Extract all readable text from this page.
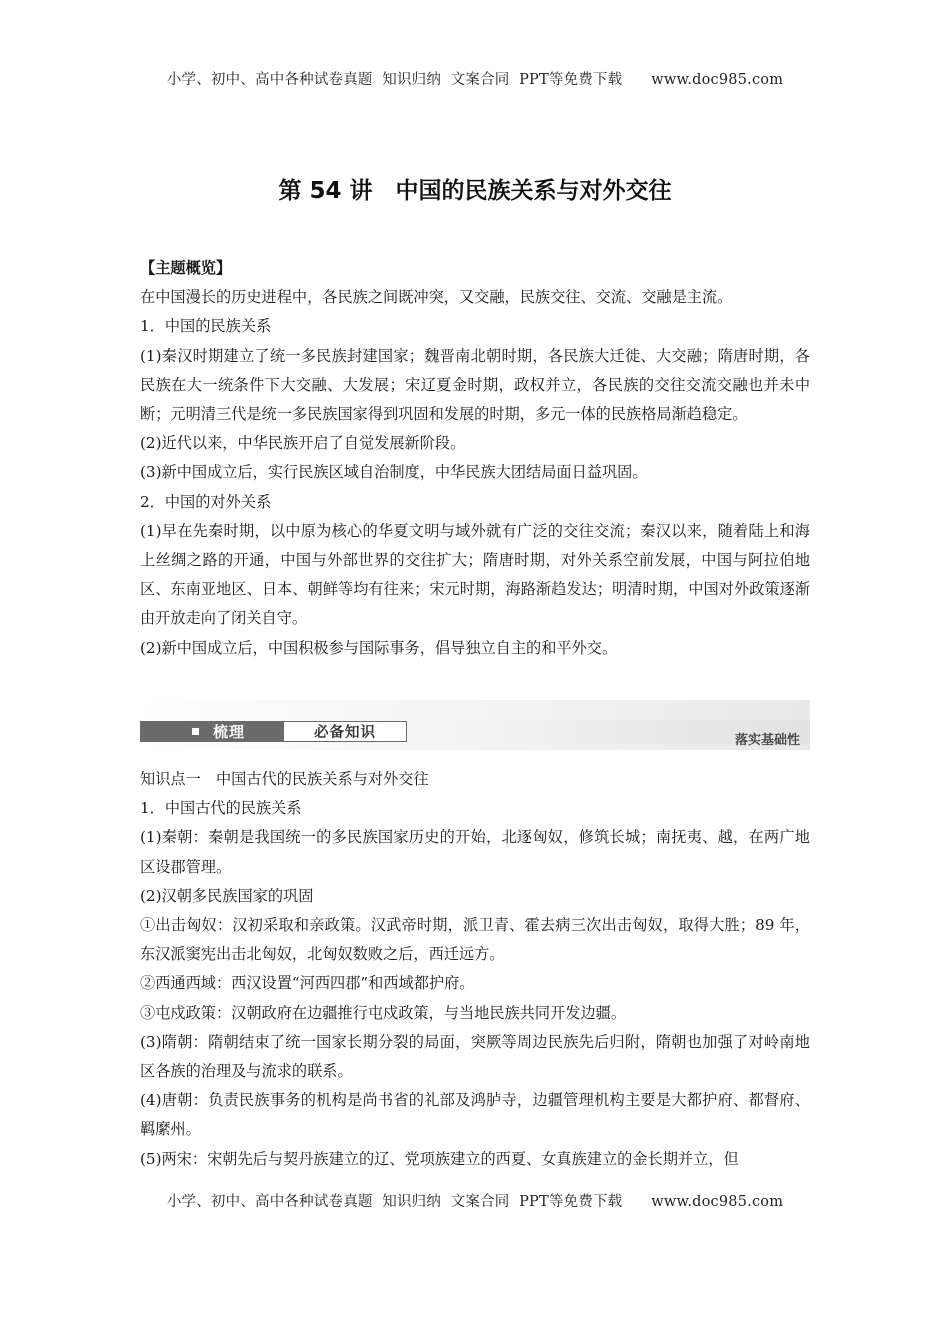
小学、初中、高中各种试卷真题  知识归纳  文案合同  PPT等免费下载      www.doc985.com
第 54 讲　中国的民族关系与对外交往

【主题概览】

在中国漫长的历史进程中，各民族之间既冲突，又交融，民族交往、交流、交融是主流。

1．中国的民族关系

(1)秦汉时期建立了统一多民族封建国家；魏晋南北朝时期，各民族大迁徙、大交融；隋唐时期，各民族在大一统条件下大交融、大发展；宋辽夏金时期，政权并立，各民族的交往交流交融也并未中断；元明清三代是统一多民族国家得到巩固和发展的时期，多元一体的民族格局渐趋稳定。

(2)近代以来，中华民族开启了自觉发展新阶段。

(3)新中国成立后，实行民族区域自治制度，中华民族大团结局面日益巩固。

2．中国的对外关系

(1)早在先秦时期，以中原为核心的华夏文明与域外就有广泛的交往交流；秦汉以来，随着陆上和海上丝绸之路的开通，中国与外部世界的交往扩大；隋唐时期，对外关系空前发展，中国与阿拉伯地区、东南亚地区、日本、朝鲜等均有往来；宋元时期，海路渐趋发达；明清时期，中国对外政策逐渐由开放走向了闭关自守。

(2)新中国成立后，中国积极参与国际事务，倡导独立自主的和平外交。

梳理	必备知识	落实基础性

知识点一　中国古代的民族关系与对外交往

1．中国古代的民族关系

(1)秦朝：秦朝是我国统一的多民族国家历史的开始，北逐匈奴，修筑长城；南抚夷、越，在两广地区设郡管理。

(2)汉朝多民族国家的巩固

①出击匈奴：汉初采取和亲政策。汉武帝时期，派卫青、霍去病三次出击匈奴，取得大胜；89 年，东汉派窦宪出击北匈奴，北匈奴数败之后，西迁远方。

②西通西域：西汉设置“河西四郡”和西域都护府。

③屯戍政策：汉朝政府在边疆推行屯戍政策，与当地民族共同开发边疆。

(3)隋朝：隋朝结束了统一国家长期分裂的局面，突厥等周边民族先后归附，隋朝也加强了对岭南地区各族的治理及与流求的联系。

(4)唐朝：负责民族事务的机构是尚书省的礼部及鸿胪寺，边疆管理机构主要是大都护府、都督府、羁縻州。

(5)两宋：宋朝先后与契丹族建立的辽、党项族建立的西夏、女真族建立的金长期并立，但

小学、初中、高中各种试卷真题  知识归纳  文案合同  PPT等免费下载      www.doc985.com
